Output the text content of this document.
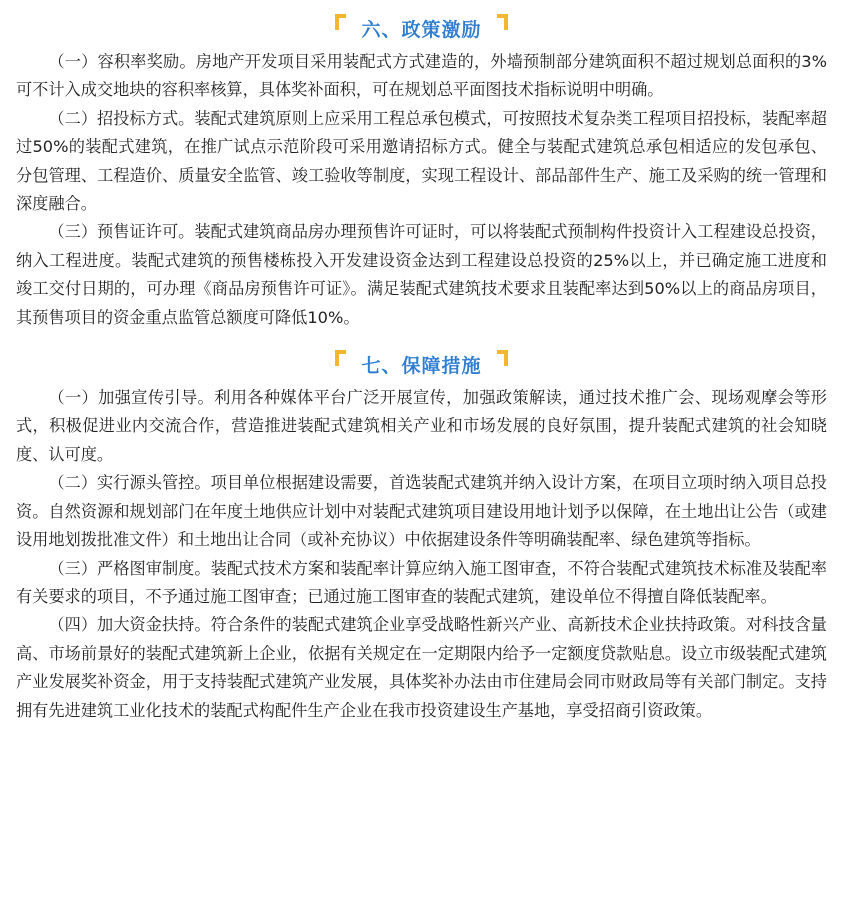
六、政策激励

（一）容积率奖励。房地产开发项目采用装配式方式建造的，外墙预制部分建筑面积不超过规划总面积的3%可不计入成交地块的容积率核算，具体奖补面积，可在规划总平面图技术指标说明中明确。

（二）招投标方式。装配式建筑原则上应采用工程总承包模式，可按照技术复杂类工程项目招投标，装配率超过50%的装配式建筑，在推广试点示范阶段可采用邀请招标方式。健全与装配式建筑总承包相适应的发包承包、分包管理、工程造价、质量安全监管、竣工验收等制度，实现工程设计、部品部件生产、施工及采购的统一管理和深度融合。

（三）预售证许可。装配式建筑商品房办理预售许可证时，可以将装配式预制构件投资计入工程建设总投资，纳入工程进度。装配式建筑的预售楼栋投入开发建设资金达到工程建设总投资的25%以上，并已确定施工进度和竣工交付日期的，可办理《商品房预售许可证》。满足装配式建筑技术要求且装配率达到50%以上的商品房项目，其预售项目的资金重点监管总额度可降低10%。

七、保障措施

（一）加强宣传引导。利用各种媒体平台广泛开展宣传，加强政策解读，通过技术推广会、现场观摩会等形式，积极促进业内交流合作，营造推进装配式建筑相关产业和市场发展的良好氛围，提升装配式建筑的社会知晓度、认可度。

（二）实行源头管控。项目单位根据建设需要，首选装配式建筑并纳入设计方案，在项目立项时纳入项目总投资。自然资源和规划部门在年度土地供应计划中对装配式建筑项目建设用地计划予以保障，在土地出让公告（或建设用地划拨批准文件）和土地出让合同（或补充协议）中依据建设条件等明确装配率、绿色建筑等指标。

（三）严格图审制度。装配式技术方案和装配率计算应纳入施工图审查，不符合装配式建筑技术标准及装配率有关要求的项目，不予通过施工图审查；已通过施工图审查的装配式建筑，建设单位不得擅自降低装配率。

（四）加大资金扶持。符合条件的装配式建筑企业享受战略性新兴产业、高新技术企业扶持政策。对科技含量高、市场前景好的装配式建筑新上企业，依据有关规定在一定期限内给予一定额度贷款贴息。设立市级装配式建筑产业发展奖补资金，用于支持装配式建筑产业发展，具体奖补办法由市住建局会同市财政局等有关部门制定。支持拥有先进建筑工业化技术的装配式构配件生产企业在我市投资建设生产基地，享受招商引资政策。
